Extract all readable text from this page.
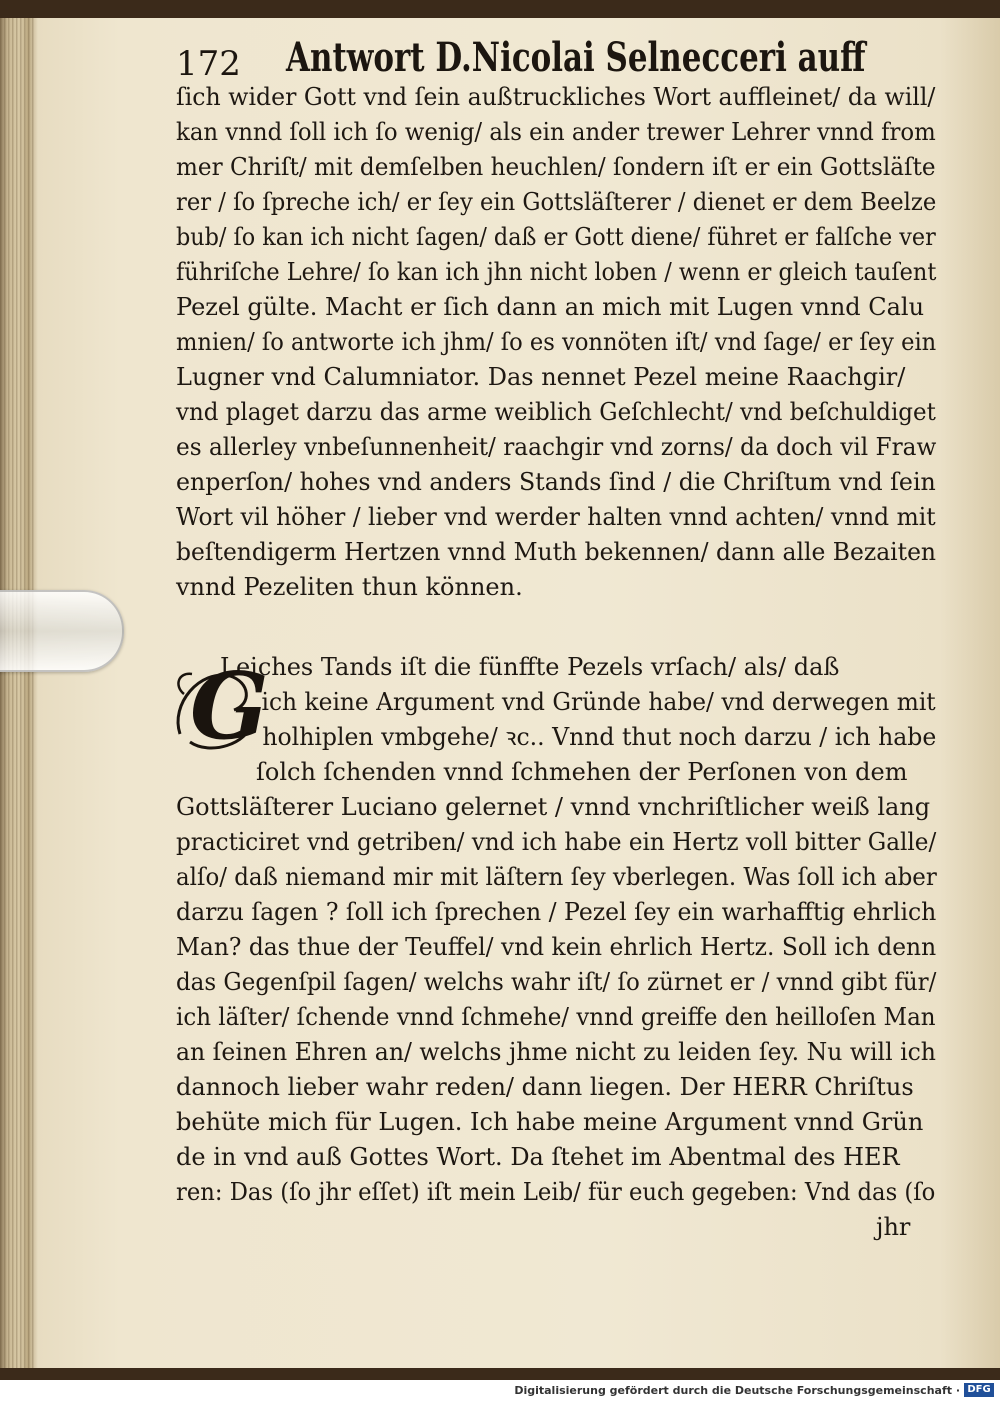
172 Antwort D.Nicolai Selnecceri auff
ſich wider Gott vnd ſein außtruckliches Wort auffleinet/ da will/
kan vnnd ſoll ich ſo wenig/ als ein ander trewer Lehrer vnnd from
mer Chriſt/ mit demſelben heuchlen/ ſondern iſt er ein Gottsläſte
rer / ſo ſpreche ich/ er ſey ein Gottsläſterer / dienet er dem Beelze
bub/ ſo kan ich nicht ſagen/ daß er Gott diene/ führet er falſche ver
führiſche Lehre/ ſo kan ich jhn nicht loben / wenn er gleich tauſent
Pezel gülte. Macht er ſich dann an mich mit Lugen vnnd Calu
mnien/ ſo antworte ich jhm/ ſo es vonnöten iſt/ vnd ſage/ er ſey ein
Lugner vnd Calumniator. Das nennet Pezel meine Raachgir/
vnd plaget darzu das arme weiblich Geſchlecht/ vnd beſchuldiget
es allerley vnbeſunnenheit/ raachgir vnd zorns/ da doch vil Fraw
enperſon/ hohes vnd anders Stands ſind / die Chriſtum vnd ſein
Wort vil höher / lieber vnd werder halten vnnd achten/ vnnd mit
beſtendigerm Hertzen vnnd Muth bekennen/ dann alle Bezaiten
vnnd Pezeliten thun können.
G
Leiches Tands iſt die fünffte Pezels vrſach/ als/ daß
ich keine Argument vnd Gründe habe/ vnd derwegen mit
holhiplen vmbgehe/ ꝛc.. Vnnd thut noch darzu / ich habe
ſolch ſchenden vnnd ſchmehen der Perſonen von dem
Gottsläſterer Luciano gelernet / vnnd vnchriſtlicher weiß lang
practiciret vnd getriben/ vnd ich habe ein Hertz voll bitter Galle/
alſo/ daß niemand mir mit läſtern ſey vberlegen. Was ſoll ich aber
darzu ſagen ? ſoll ich ſprechen / Pezel ſey ein warhafftig ehrlich
Man? das thue der Teuffel/ vnd kein ehrlich Hertz. Soll ich denn
das Gegenſpil ſagen/ welchs wahr iſt/ ſo zürnet er / vnnd gibt für/
ich läſter/ ſchende vnnd ſchmehe/ vnnd greiffe den heilloſen Man
an ſeinen Ehren an/ welchs jhme nicht zu leiden ſey. Nu will ich
dannoch lieber wahr reden/ dann liegen. Der HERR Chriſtus
behüte mich für Lugen. Ich habe meine Argument vnnd Grün
de in vnd auß Gottes Wort. Da ſtehet im Abentmal des HER
ren: Das (ſo jhr eſſet) iſt mein Leib/ für euch gegeben: Vnd das (ſo
jhr
Digitalisierung gefördert durch die Deutsche Forschungsgemeinschaft · DFG
